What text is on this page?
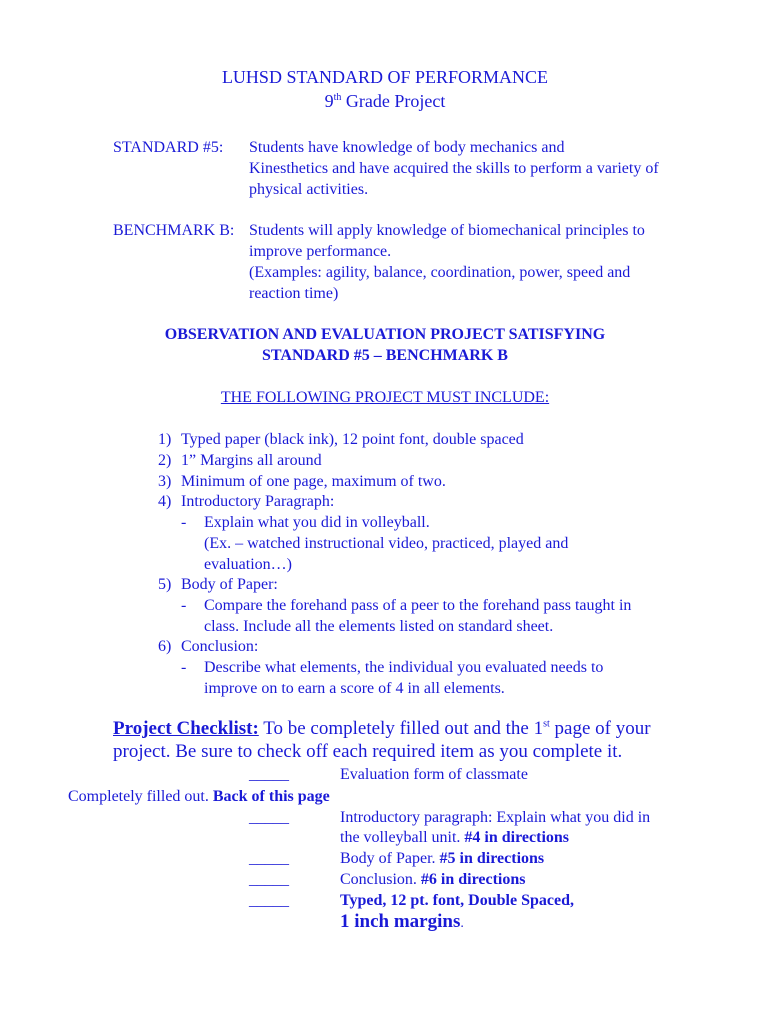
LUHSD STANDARD OF PERFORMANCE
9th Grade Project
STANDARD #5: Students have knowledge of body mechanics and
Kinesthetics and have acquired the skills to perform a variety of
physical activities.
BENCHMARK B: Students will apply knowledge of biomechanical principles to
improve performance.
(Examples: agility, balance, coordination, power, speed and
reaction time)
OBSERVATION AND EVALUATION PROJECT SATISFYING
STANDARD #5 – BENCHMARK B
THE FOLLOWING PROJECT MUST INCLUDE:
1) Typed paper (black ink), 12 point font, double spaced
2) 1” Margins all around
3) Minimum of one page, maximum of two.
4) Introductory Paragraph:
- Explain what you did in volleyball.
(Ex. – watched instructional video, practiced, played and
evaluation…)
5) Body of Paper:
- Compare the forehand pass of a peer to the forehand pass taught in
class. Include all the elements listed on standard sheet.
6) Conclusion:
- Describe what elements, the individual you evaluated needs to
improve on to earn a score of 4 in all elements.
Project Checklist: To be completely filled out and the 1st page of your
project. Be sure to check off each required item as you complete it.
_____	Evaluation form of classmate
Completely filled out. Back of this page
_____	Introductory paragraph: Explain what you did in
the volleyball unit. #4 in directions
_____	Body of Paper. #5 in directions
_____	Conclusion. #6 in directions
_____	Typed, 12 pt. font, Double Spaced,
1 inch margins.
